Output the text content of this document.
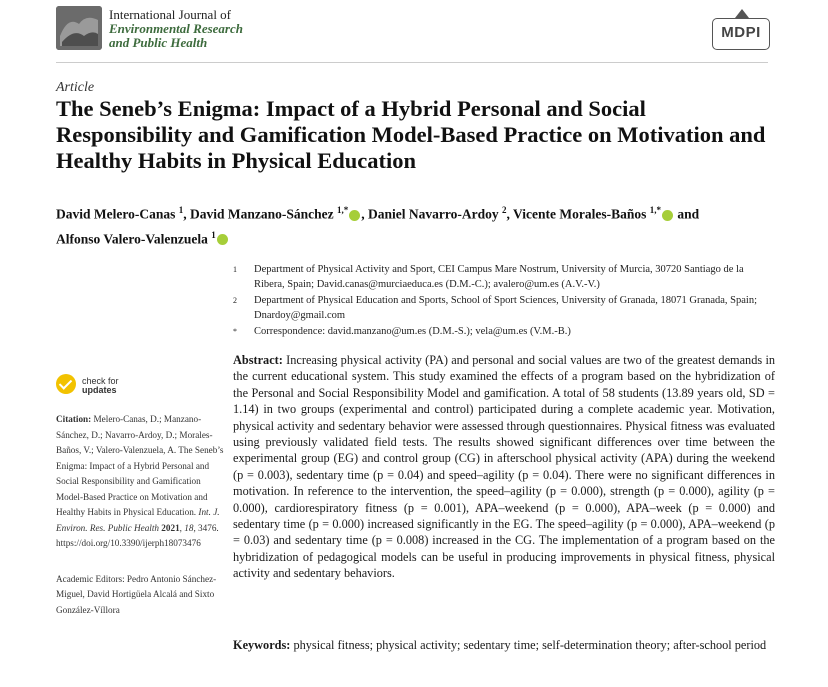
International Journal of
Environmental Research
and Public Health
MDPI
Article
The Seneb’s Enigma: Impact of a Hybrid Personal and Social Responsibility and Gamification Model-Based Practice on Motivation and Healthy Habits in Physical Education
David Melero-Canas $^1$, David Manzano-Sánchez $^{1,*}$ , Daniel Navarro-Ardoy $^2$, Vicente Morales-Baños $^{1,*}$ and
Alfonso Valero-Valenzuela $^1$
1 Department of Physical Activity and Sport, CEI Campus Mare Nostrum, University of Murcia, 30720 Santiago de la Ribera, Spain; David.canas@murciaeduca.es (D.M.-C.); avalero@um.es (A.V.-V.)
2 Department of Physical Education and Sports, School of Sport Sciences, University of Granada, 18071 Granada, Spain; Dnardoy@gmail.com
* Correspondence: david.manzano@um.es (D.M.-S.); vela@um.es (V.M.-B.)
check for
updates
Citation: Melero-Canas, D.; Manzano-Sánchez, D.; Navarro-Ardoy, D.; Morales-Baños, V.; Valero-Valenzuela, A. The Seneb’s Enigma: Impact of a Hybrid Personal and Social Responsibility and Gamification Model-Based Practice on Motivation and Healthy Habits in Physical Education. Int. J. Environ. Res. Public Health 2021, 18, 3476. https://doi.org/10.3390/ijerph18073476
Academic Editors: Pedro Antonio Sánchez-Miguel, David Hortigüela Alcalá and Sixto González-Víllora
Abstract: Increasing physical activity (PA) and personal and social values are two of the greatest demands in the current educational system. This study examined the effects of a program based on the hybridization of the Personal and Social Responsibility Model and gamification. A total of 58 students (13.89 years old, SD = 1.14) in two groups (experimental and control) participated during a complete academic year. Motivation, physical activity and sedentary behavior were assessed through questionnaires. Physical fitness was evaluated using previously validated field tests. The results showed significant differences over time between the experimental group (EG) and control group (CG) in afterschool physical activity (APA) during the weekend (p = 0.003), sedentary time (p = 0.04) and speed–agility (p = 0.04). There were no significant differences in motivation. In reference to the intervention, the speed–agility (p = 0.000), strength (p = 0.000), agility (p = 0.000), cardiorespiratory fitness (p = 0.001), APA–weekend (p = 0.000), APA–week (p = 0.000) and sedentary time (p = 0.000) increased significantly in the EG. The speed–agility (p = 0.000), APA–weekend (p = 0.03) and sedentary time (p = 0.008) increased in the CG. The implementation of a program based on the hybridization of pedagogical models can be useful in producing improvements in physical fitness, physical activity and sedentary behaviors.
Keywords: physical fitness; physical activity; sedentary time; self-determination theory; after-school period
